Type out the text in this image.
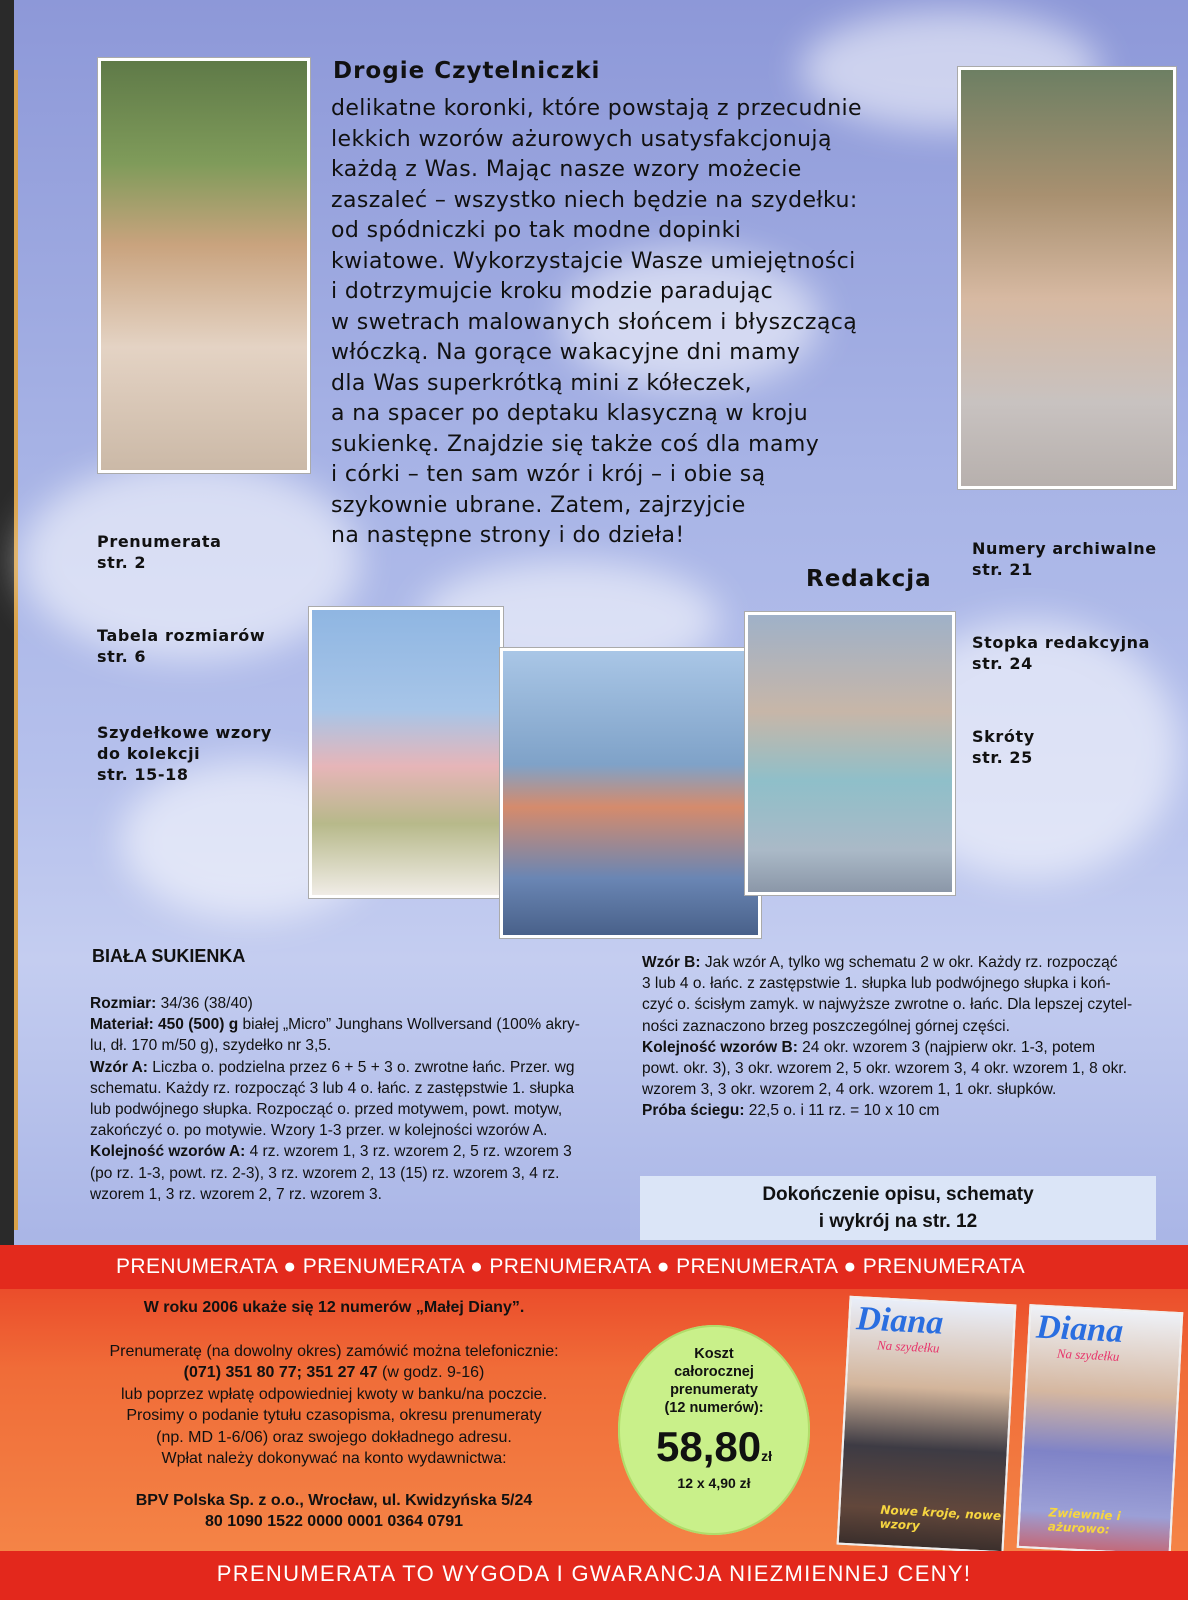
Drogie Czytelniczki
delikatne koronki, które powstają z przecudnie
lekkich wzorów ażurowych usatysfakcjonują
każdą z Was. Mając nasze wzory możecie
zaszaleć – wszystko niech będzie na szydełku:
od spódniczki po tak modne dopinki
kwiatowe. Wykorzystajcie Wasze umiejętności
i dotrzymujcie kroku modzie paradując
w swetrach malowanych słońcem i błyszczącą
włóczką. Na gorące wakacyjne dni mamy
dla Was superkrótką mini z kółeczek,
a na spacer po deptaku klasyczną w kroju
sukienkę. Znajdzie się także coś dla mamy
i córki – ten sam wzór i krój – i obie są
szykownie ubrane. Zatem, zajrzyjcie
na następne strony i do dzieła!
Redakcja
Prenumerata
str. 2
Tabela rozmiarów
str. 6
Szydełkowe wzory
do kolekcji
str. 15-18
Numery archiwalne
str. 21
Stopka redakcyjna
str. 24
Skróty
str. 25
BIAŁA SUKIENKA

Rozmiar: 34/36 (38/40)

Materiał: 450 (500) g białej „Micro” Junghans Wollversand (100% akry-

lu, dł. 170 m/50 g), szydełko nr 3,5.

Wzór A: Liczba o. podzielna przez 6 + 5 + 3 o. zwrotne łańc. Przer. wg

schematu. Każdy rz. rozpocząć 3 lub 4 o. łańc. z zastępstwie 1. słupka

lub podwójnego słupka. Rozpocząć o. przed motywem, powt. motyw,

zakończyć o. po motywie. Wzory 1-3 przer. w kolejności wzorów A.

Kolejność wzorów A: 4 rz. wzorem 1, 3 rz. wzorem 2, 5 rz. wzorem 3

(po rz. 1-3, powt. rz. 2-3), 3 rz. wzorem 2, 13 (15) rz. wzorem 3, 4 rz.

wzorem 1, 3 rz. wzorem 2, 7 rz. wzorem 3.

Wzór B: Jak wzór A, tylko wg schematu 2 w okr. Każdy rz. rozpocząć

3 lub 4 o. łańc. z zastępstwie 1. słupka lub podwójnego słupka i koń-

czyć o. ścisłym zamyk. w najwyższe zwrotne o. łańc. Dla lepszej czytel-

ności zaznaczono brzeg poszczególnej górnej części.

Kolejność wzorów B: 24 okr. wzorem 3 (najpierw okr. 1-3, potem

powt. okr. 3), 3 okr. wzorem 2, 5 okr. wzorem 3, 4 okr. wzorem 1, 8 okr.

wzorem 3, 3 okr. wzorem 2, 4 ork. wzorem 1, 1 okr. słupków.

Próba ściegu: 22,5 o. i 11 rz. = 10 x 10 cm

Dokończenie opisu, schematy
i wykrój na str. 12
PRENUMERATA ● PRENUMERATA ● PRENUMERATA ● PRENUMERATA ● PRENUMERATA

W roku 2006 ukaże się 12 numerów „Małej Diany”.

Prenumeratę (na dowolny okres) zamówić można telefonicznie:

(071) 351 80 77; 351 27 47 (w godz. 9-16)

lub poprzez wpłatę odpowiedniej kwoty w banku/na poczcie.

Prosimy o podanie tytułu czasopisma, okresu prenumeraty

(np. MD 1-6/06) oraz swojego dokładnego adresu.

Wpłat należy dokonywać na konto wydawnictwa:

BPV Polska Sp. z o.o., Wrocław, ul. Kwidzyńska 5/24

80 1090 1522 0000 0001 0364 0791

Koszt
całorocznej
prenumeraty
(12 numerów):
58,80zł
12 x 4,90 zł
Diana
Na szydełku
Nowe kroje, nowe wzory
Diana
Na szydełku
Zwiewnie i ażurowo:
PRENUMERATA TO WYGODA I GWARANCJA NIEZMIENNEJ CENY!
